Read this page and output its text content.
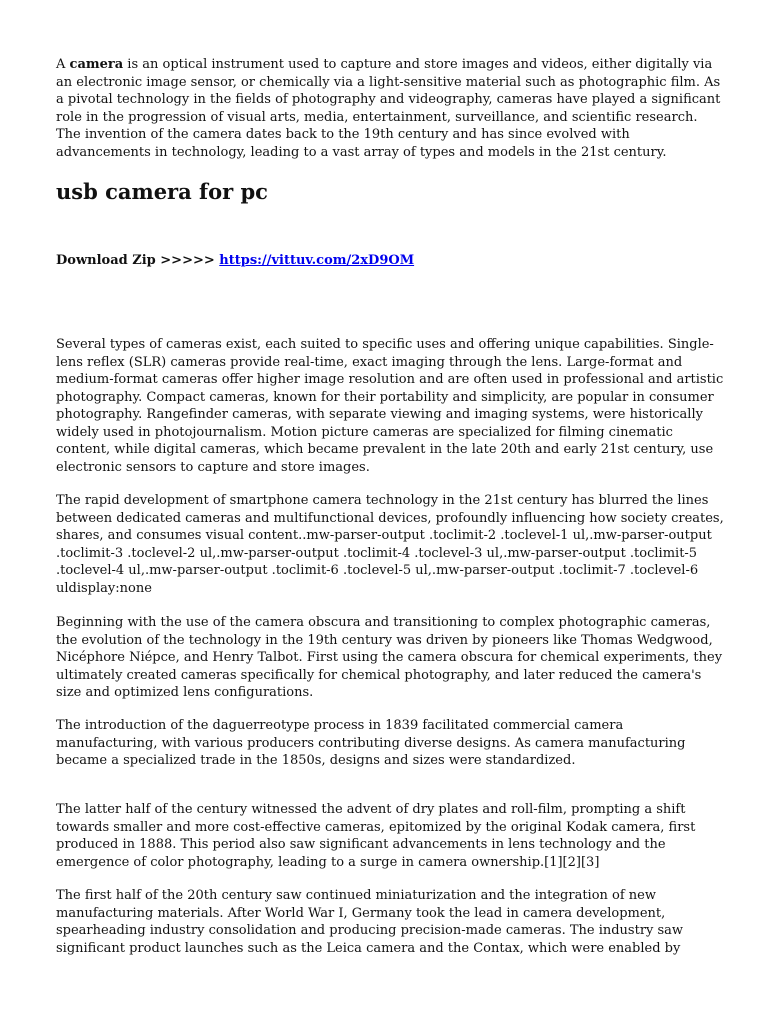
A camera is an optical instrument used to capture and store images and videos, either digitally via
an electronic image sensor, or chemically via a light-sensitive material such as photographic film. As
a pivotal technology in the fields of photography and videography, cameras have played a significant
role in the progression of visual arts, media, entertainment, surveillance, and scientific research.
The invention of the camera dates back to the 19th century and has since evolved with
advancements in technology, leading to a vast array of types and models in the 21st century.

usb camera for pc

Download Zip >>>>> https://vittuv.com/2xD9OM

Several types of cameras exist, each suited to specific uses and offering unique capabilities. Single-
lens reflex (SLR) cameras provide real-time, exact imaging through the lens. Large-format and
medium-format cameras offer higher image resolution and are often used in professional and artistic
photography. Compact cameras, known for their portability and simplicity, are popular in consumer
photography. Rangefinder cameras, with separate viewing and imaging systems, were historically
widely used in photojournalism. Motion picture cameras are specialized for filming cinematic
content, while digital cameras, which became prevalent in the late 20th and early 21st century, use
electronic sensors to capture and store images.

The rapid development of smartphone camera technology in the 21st century has blurred the lines
between dedicated cameras and multifunctional devices, profoundly influencing how society creates,
shares, and consumes visual content..mw-parser-output .toclimit-2 .toclevel-1 ul,.mw-parser-output
.toclimit-3 .toclevel-2 ul,.mw-parser-output .toclimit-4 .toclevel-3 ul,.mw-parser-output .toclimit-5
.toclevel-4 ul,.mw-parser-output .toclimit-6 .toclevel-5 ul,.mw-parser-output .toclimit-7 .toclevel-6
uldisplay:none

Beginning with the use of the camera obscura and transitioning to complex photographic cameras,
the evolution of the technology in the 19th century was driven by pioneers like Thomas Wedgwood,
Nicéphore Niépce, and Henry Talbot. First using the camera obscura for chemical experiments, they
ultimately created cameras specifically for chemical photography, and later reduced the camera's
size and optimized lens configurations.

The introduction of the daguerreotype process in 1839 facilitated commercial camera
manufacturing, with various producers contributing diverse designs. As camera manufacturing
became a specialized trade in the 1850s, designs and sizes were standardized.

The latter half of the century witnessed the advent of dry plates and roll-film, prompting a shift
towards smaller and more cost-effective cameras, epitomized by the original Kodak camera, first
produced in 1888. This period also saw significant advancements in lens technology and the
emergence of color photography, leading to a surge in camera ownership.[1][2][3]

The first half of the 20th century saw continued miniaturization and the integration of new
manufacturing materials. After World War I, Germany took the lead in camera development,
spearheading industry consolidation and producing precision-made cameras. The industry saw
significant product launches such as the Leica camera and the Contax, which were enabled by
